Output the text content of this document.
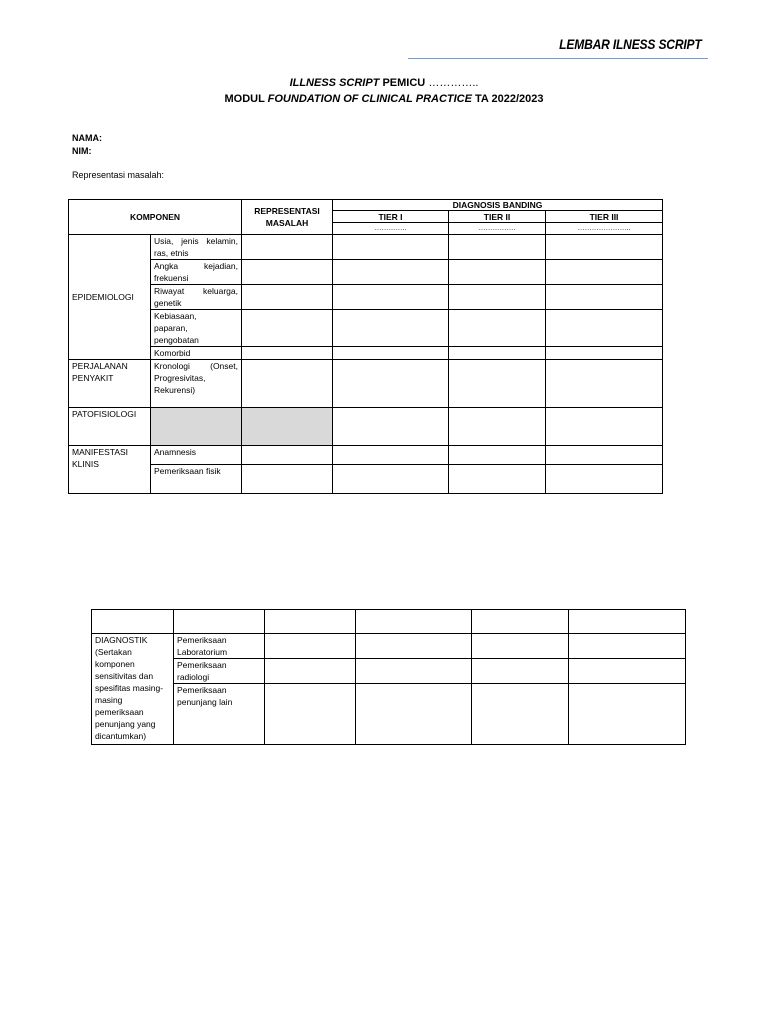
LEMBAR ILNESS SCRIPT
ILLNESS SCRIPT PEMICU …………..
MODUL FOUNDATION OF CLINICAL PRACTICE TA 2022/2023
NAMA:
NIM:
Representasi masalah:
KOMPONEN		REPRESENTASI MASALAH	DIAGNOSIS BANDING		
			TIER I	TIER II	TIER III
			…………..	…………….	…………………..
EPIDEMIOLOGI	Usia, jenis kelamin, ras, etnis				
	Angka kejadian, frekuensi				
	Riwayat keluarga, genetik				
	Kebiasaan, paparan, pengobatan				
	Komorbid				
PERJALANAN PENYAKIT	Kronologi (Onset, Progresivitas, Rekurensi)				
PATOFISIOLOGI					
MANIFESTASI KLINIS	Anamnesis				
	Pemeriksaan fisik				

DIAGNOSTIK (Sertakan komponen sensitivitas dan spesifitas masing-masing pemeriksaan penunjang yang dicantumkan)	Pemeriksaan Laboratorium				
	Pemeriksaan radiologi				
	Pemeriksaan penunjang lain				
